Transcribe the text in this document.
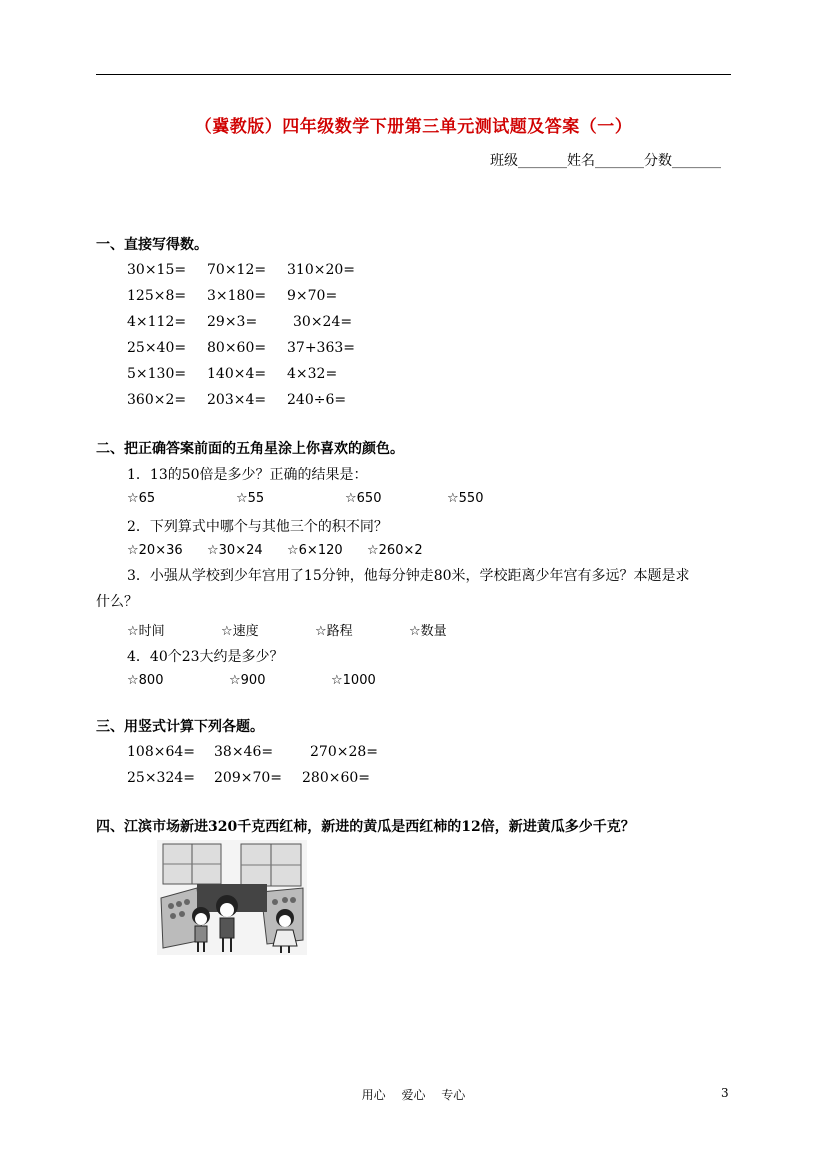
（冀教版）四年级数学下册第三单元测试题及答案（一）
班级_______姓名_______分数_______
一、直接写得数。
30×15= 70×12= 310×20=
125×8= 3×180= 9×70=
4×112= 29×3=	30×24=
25×40= 80×60= 37+363=
5×130= 140×4= 4×32=
360×2= 203×4= 240÷6=
二、把正确答案前面的五角星涂上你喜欢的颜色。
1．13的50倍是多少？正确的结果是：
☆65	☆55	☆650	☆550
2．下列算式中哪个与其他三个的积不同？
☆20×36 ☆30×24 ☆6×120 ☆260×2
3．小强从学校到少年宫用了15分钟，他每分钟走80米，学校距离少年宫有多远？本题是求什么？
☆时间	☆速度	☆路程	☆数量
4．40个23大约是多少？
☆800	☆900	☆1000
三、用竖式计算下列各题。
108×64= 38×46=	270×28=
25×324= 209×70= 280×60=
四、江滨市场新进320千克西红柿，新进的黄瓜是西红柿的12倍，新进黄瓜多少千克？
用心　 爱心　 专心	3
